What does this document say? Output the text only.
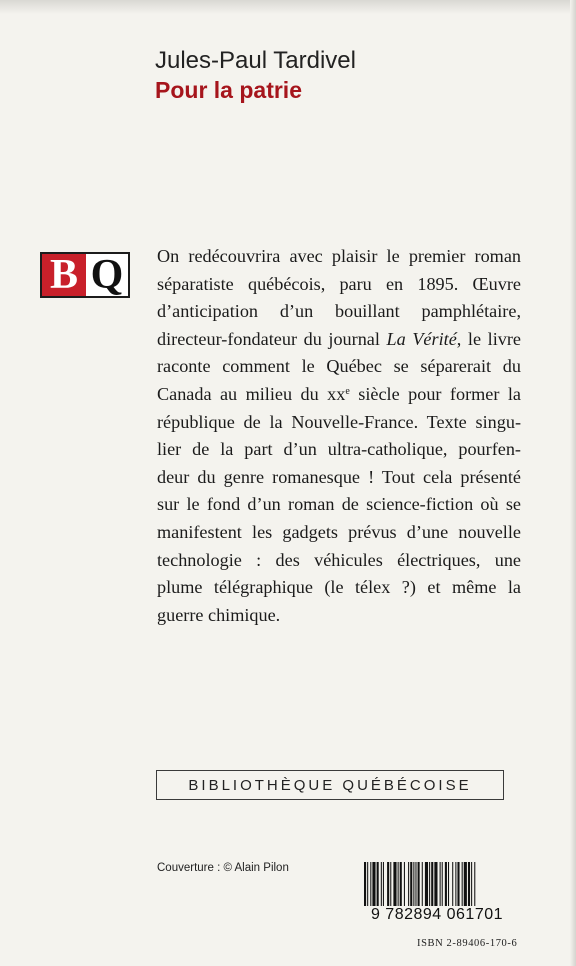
Jules-Paul Tardivel
Pour la patrie
B Q On redécouvrira avec plaisir le premier roman
séparatiste québécois, paru en 1895. Œuvre
d’anticipation d’un bouillant pamphlétaire,
directeur-fondateur du journal La Vérité, le livre
raconte comment le Québec se séparerait du
Canada au milieu du $xx^e$ siècle pour former la
république de la Nouvelle-France. Texte singu-
lier de la part d’un ultra-catholique, pourfen-
deur du genre romanesque ! Tout cela présenté
sur le fond d’un roman de science-fiction où se
manifestent les gadgets prévus d’une nouvelle
technologie : des véhicules électriques, une
plume télégraphique (le télex ?) et même la
guerre chimique.
BIBLIOTHÈQUE QUÉBÉCOISE
Couverture : © Alain Pilon
9 782894 061701
ISBN 2-89406-170-6
